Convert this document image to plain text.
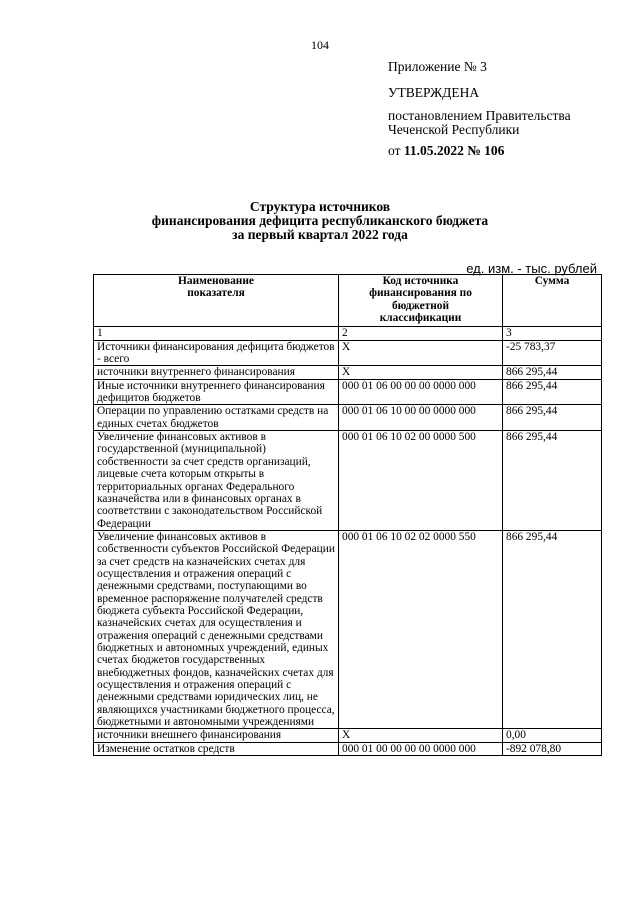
104
Приложение № 3
УТВЕРЖДЕНА
постановлением Правительства
Чеченской Республики
от 11.05.2022 № 106
Структура источников
финансирования дефицита республиканского бюджета
за первый квартал 2022 года
ед. изм. - тыс. рублей
Наименование показателя	Код источника финансирования по бюджетной классификации	Сумма
1	2	3
Источники финансирования дефицита бюджетов - всего	Х	-25 783,37
источники внутреннего финансирования	Х	866 295,44
Иные источники внутреннего финансирования дефицитов бюджетов	000 01 06 00 00 00 0000 000	866 295,44
Операции по управлению остатками средств на единых счетах бюджетов	000 01 06 10 00 00 0000 000	866 295,44
Увеличение финансовых активов в государственной (муниципальной) собственности за счет средств организаций, лицевые счета которым открыты в территориальных органах Федерального казначейства или в финансовых органах в соответствии с законодательством Российской Федерации	000 01 06 10 02 00 0000 500	866 295,44
Увеличение финансовых активов в собственности субъектов Российской Федерации за счет средств на казначейских счетах для осуществления и отражения операций с денежными средствами, поступающими во временное распоряжение получателей средств бюджета субъекта Российской Федерации, казначейских счетах для осуществления и отражения операций с денежными средствами бюджетных и автономных учреждений, единых счетах бюджетов государственных внебюджетных фондов, казначейских счетах для осуществления и отражения операций с денежными средствами юридических лиц, не являющихся участниками бюджетного процесса, бюджетными и автономными учреждениями	000 01 06 10 02 02 0000 550	866 295,44
источники внешнего финансирования	Х	0,00
Изменение остатков средств	000 01 00 00 00 00 0000 000	-892 078,80
